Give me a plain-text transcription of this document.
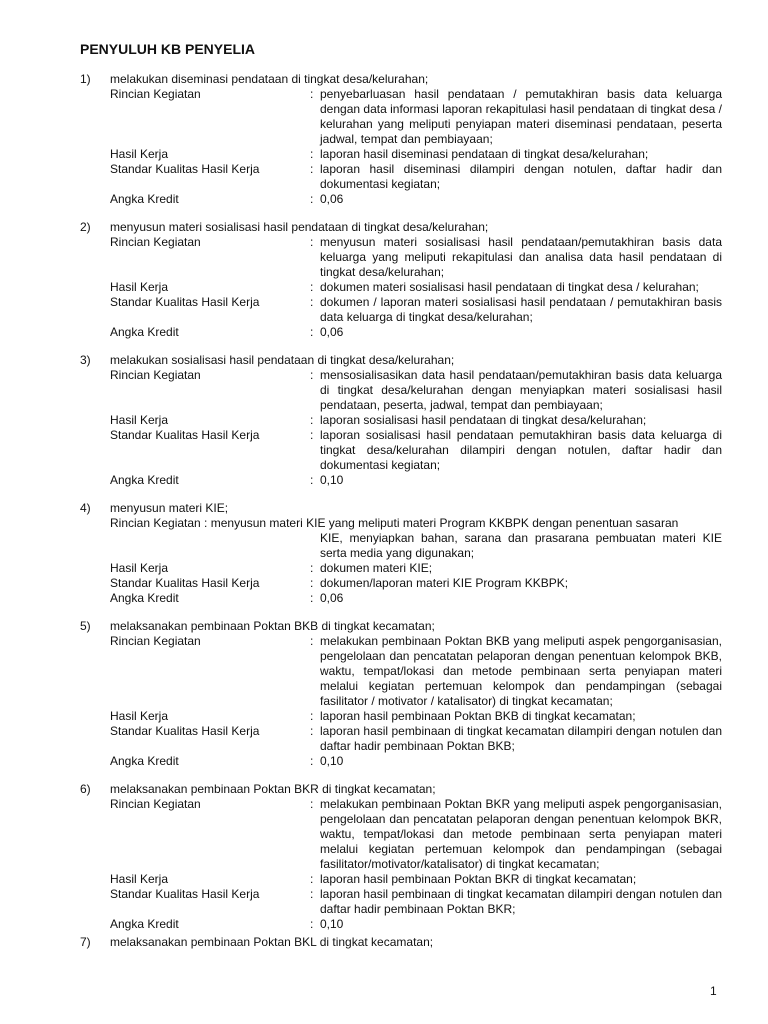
PENYULUH KB PENYELIA
1)	melakukan diseminasi pendataan di tingkat desa/kelurahan;
Rincian Kegiatan	: penyebarluasan hasil pendataan / pemutakhiran basis data keluarga dengan data informasi laporan rekapitulasi hasil pendataan di tingkat desa / kelurahan yang meliputi penyiapan materi diseminasi pendataan, peserta jadwal, tempat dan pembiayaan;
Hasil Kerja	: laporan hasil diseminasi pendataan di tingkat desa/kelurahan;
Standar Kualitas Hasil Kerja	: laporan hasil diseminasi dilampiri dengan notulen, daftar hadir dan dokumentasi kegiatan;
Angka Kredit	: 0,06
2)	menyusun materi sosialisasi hasil pendataan di tingkat desa/kelurahan;
Rincian Kegiatan	: menyusun materi sosialisasi hasil pendataan/pemutakhiran basis data keluarga yang meliputi rekapitulasi dan analisa data hasil pendataan di tingkat desa/kelurahan;
Hasil Kerja	: dokumen materi sosialisasi hasil pendataan di tingkat desa / kelurahan;
Standar Kualitas Hasil Kerja	: dokumen / laporan materi sosialisasi hasil pendataan / pemutakhiran basis data keluarga di tingkat desa/kelurahan;
Angka Kredit	: 0,06
3)	melakukan sosialisasi hasil pendataan di tingkat desa/kelurahan;
Rincian Kegiatan	: mensosialisasikan data hasil pendataan/pemutakhiran basis data keluarga di tingkat desa/kelurahan dengan menyiapkan materi sosialisasi hasil pendataan, peserta, jadwal, tempat dan pembiayaan;
Hasil Kerja	: laporan sosialisasi hasil pendataan di tingkat desa/kelurahan;
Standar Kualitas Hasil Kerja	: laporan sosialisasi hasil pendataan pemutakhiran basis data keluarga di tingkat desa/kelurahan dilampiri dengan notulen, daftar hadir dan dokumentasi kegiatan;
Angka Kredit	: 0,10
4)	menyusun materi KIE;
Rincian Kegiatan : menyusun materi KIE yang meliputi materi Program KKBPK dengan penentuan sasaran
KIE, menyiapkan bahan, sarana dan prasarana pembuatan materi KIE serta media yang digunakan;
Hasil Kerja	: dokumen materi KIE;
Standar Kualitas Hasil Kerja	: dokumen/laporan materi KIE Program KKBPK;
Angka Kredit	: 0,06
5)	melaksanakan pembinaan Poktan BKB di tingkat kecamatan;
Rincian Kegiatan	: melakukan pembinaan Poktan BKB yang meliputi aspek pengorganisasian, pengelolaan dan pencatatan pelaporan dengan penentuan kelompok BKB, waktu, tempat/lokasi dan metode pembinaan serta penyiapan materi melalui kegiatan pertemuan kelompok dan pendampingan (sebagai fasilitator / motivator / katalisator) di tingkat kecamatan;
Hasil Kerja	: laporan hasil pembinaan Poktan BKB di tingkat kecamatan;
Standar Kualitas Hasil Kerja	: laporan hasil pembinaan di tingkat kecamatan dilampiri dengan notulen dan daftar hadir pembinaan Poktan BKB;
Angka Kredit	: 0,10
6)	melaksanakan pembinaan Poktan BKR di tingkat kecamatan;
Rincian Kegiatan	: melakukan pembinaan Poktan BKR yang meliputi aspek pengorganisasian, pengelolaan dan pencatatan pelaporan dengan penentuan kelompok BKR, waktu, tempat/lokasi dan metode pembinaan serta penyiapan materi melalui kegiatan pertemuan kelompok dan pendampingan (sebagai fasilitator/motivator/katalisator) di tingkat kecamatan;
Hasil Kerja	: laporan hasil pembinaan Poktan BKR di tingkat kecamatan;
Standar Kualitas Hasil Kerja	: laporan hasil pembinaan di tingkat kecamatan dilampiri dengan notulen dan daftar hadir pembinaan Poktan BKR;
Angka Kredit	: 0,10
7)	melaksanakan pembinaan Poktan BKL di tingkat kecamatan;
1
